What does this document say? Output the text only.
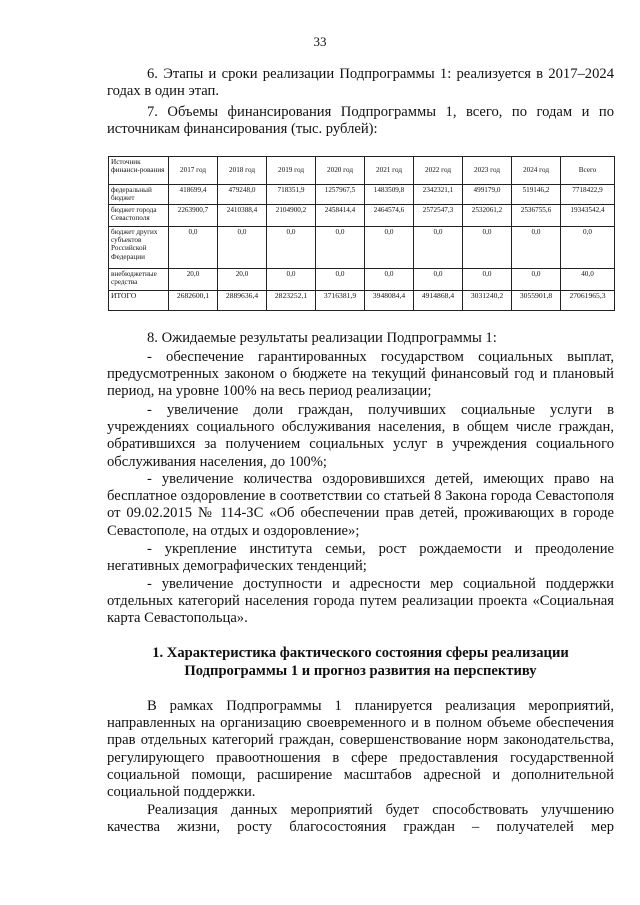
33

6. Этапы и сроки реализации Подпрограммы 1: реализуется в 2017–2024 годах в один этап.

7. Объемы финансирования Подпрограммы 1, всего, по годам и по источникам финансирования (тыс. рублей):

Источник финанси-рования	2017 год	2018 год	2019 год	2020 год	2021 год	2022 год	2023 год	2024 год	Всего
федеральный бюджет	418699,4	479248,0	718351,9	1257967,5	1483509,8	2342321,1	499179,0	519146,2	7718422,9
бюджет города Севастополя	2263900,7	2410388,4	2104900,2	2458414,4	2464574,6	2572547,3	2532061,2	2536755,6	19343542,4
бюджет других субъектов Российской Федерации	0,0	0,0	0,0	0,0	0,0	0,0	0,0	0,0	0,0
внебюджетные средства	20,0	20,0	0,0	0,0	0,0	0,0	0,0	0,0	40,0
ИТОГО	2682600,1	2889636,4	2823252,1	3716381,9	3948084,4	4914868,4	3031240,2	3055901,8	27061965,3

8. Ожидаемые результаты реализации Подпрограммы 1:

- обеспечение гарантированных государством социальных выплат, предусмотренных законом о бюджете на текущий финансовый год и плановый период, на уровне 100% на весь период реализации;

- увеличение доли граждан, получивших социальные услуги в учреждениях социального обслуживания населения, в общем числе граждан, обратившихся за получением социальных услуг в учреждения социального обслуживания населения, до 100%;

- увеличение количества оздоровившихся детей, имеющих право на бесплатное оздоровление в соответствии со статьей 8 Закона города Севастополя от 09.02.2015 № 114-ЗС «Об обеспечении прав детей, проживающих в городе Севастополе, на отдых и оздоровление»;

- укрепление института семьи, рост рождаемости и преодоление негативных демографических тенденций;

- увеличение доступности и адресности мер социальной поддержки отдельных категорий населения города путем реализации проекта «Социальная карта Севастопольца».

1. Характеристика фактического состояния сферы реализации

Подпрограммы 1 и прогноз развития на перспективу

В рамках Подпрограммы 1 планируется реализация мероприятий, направленных на организацию своевременного и в полном объеме обеспечения прав отдельных категорий граждан, совершенствование норм законодательства, регулирующего правоотношения в сфере предоставления государственной социальной помощи, расширение масштабов адресной и дополнительной социальной поддержки.

Реализация данных мероприятий будет способствовать улучшению качества жизни, росту благосостояния граждан – получателей мер
